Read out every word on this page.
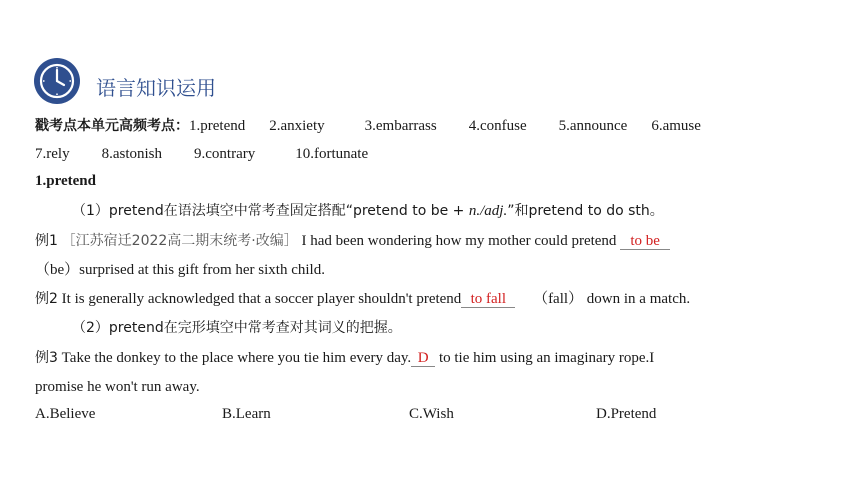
语言知识运用
戳考点本单元高频考点：1.pretend 2.anxiety	3.embarrass 4.confuse 5.announce 6.amuse
7.rely 8.astonish 9.contrary	10.fortunate
1.pretend
（1）pretend在语法填空中常考查固定搭配“pretend to be + n./adj.”和pretend to do sth。
例1 ［江苏宿迁2022高二期末统考·改编］ I had been wondering how my mother could pretend to be
（be）surprised at this gift from her sixth child.
例2 It is generally acknowledged that a soccer player shouldn't pretend to fall （fall） down in a match.
（2）pretend在完形填空中常考查对其词义的把握。
例3 Take the donkey to the place where you tie him every day. D to tie him using an imaginary rope.I
promise he won't run away.
A.Believe	B.Learn	C.Wish	D.Pretend
